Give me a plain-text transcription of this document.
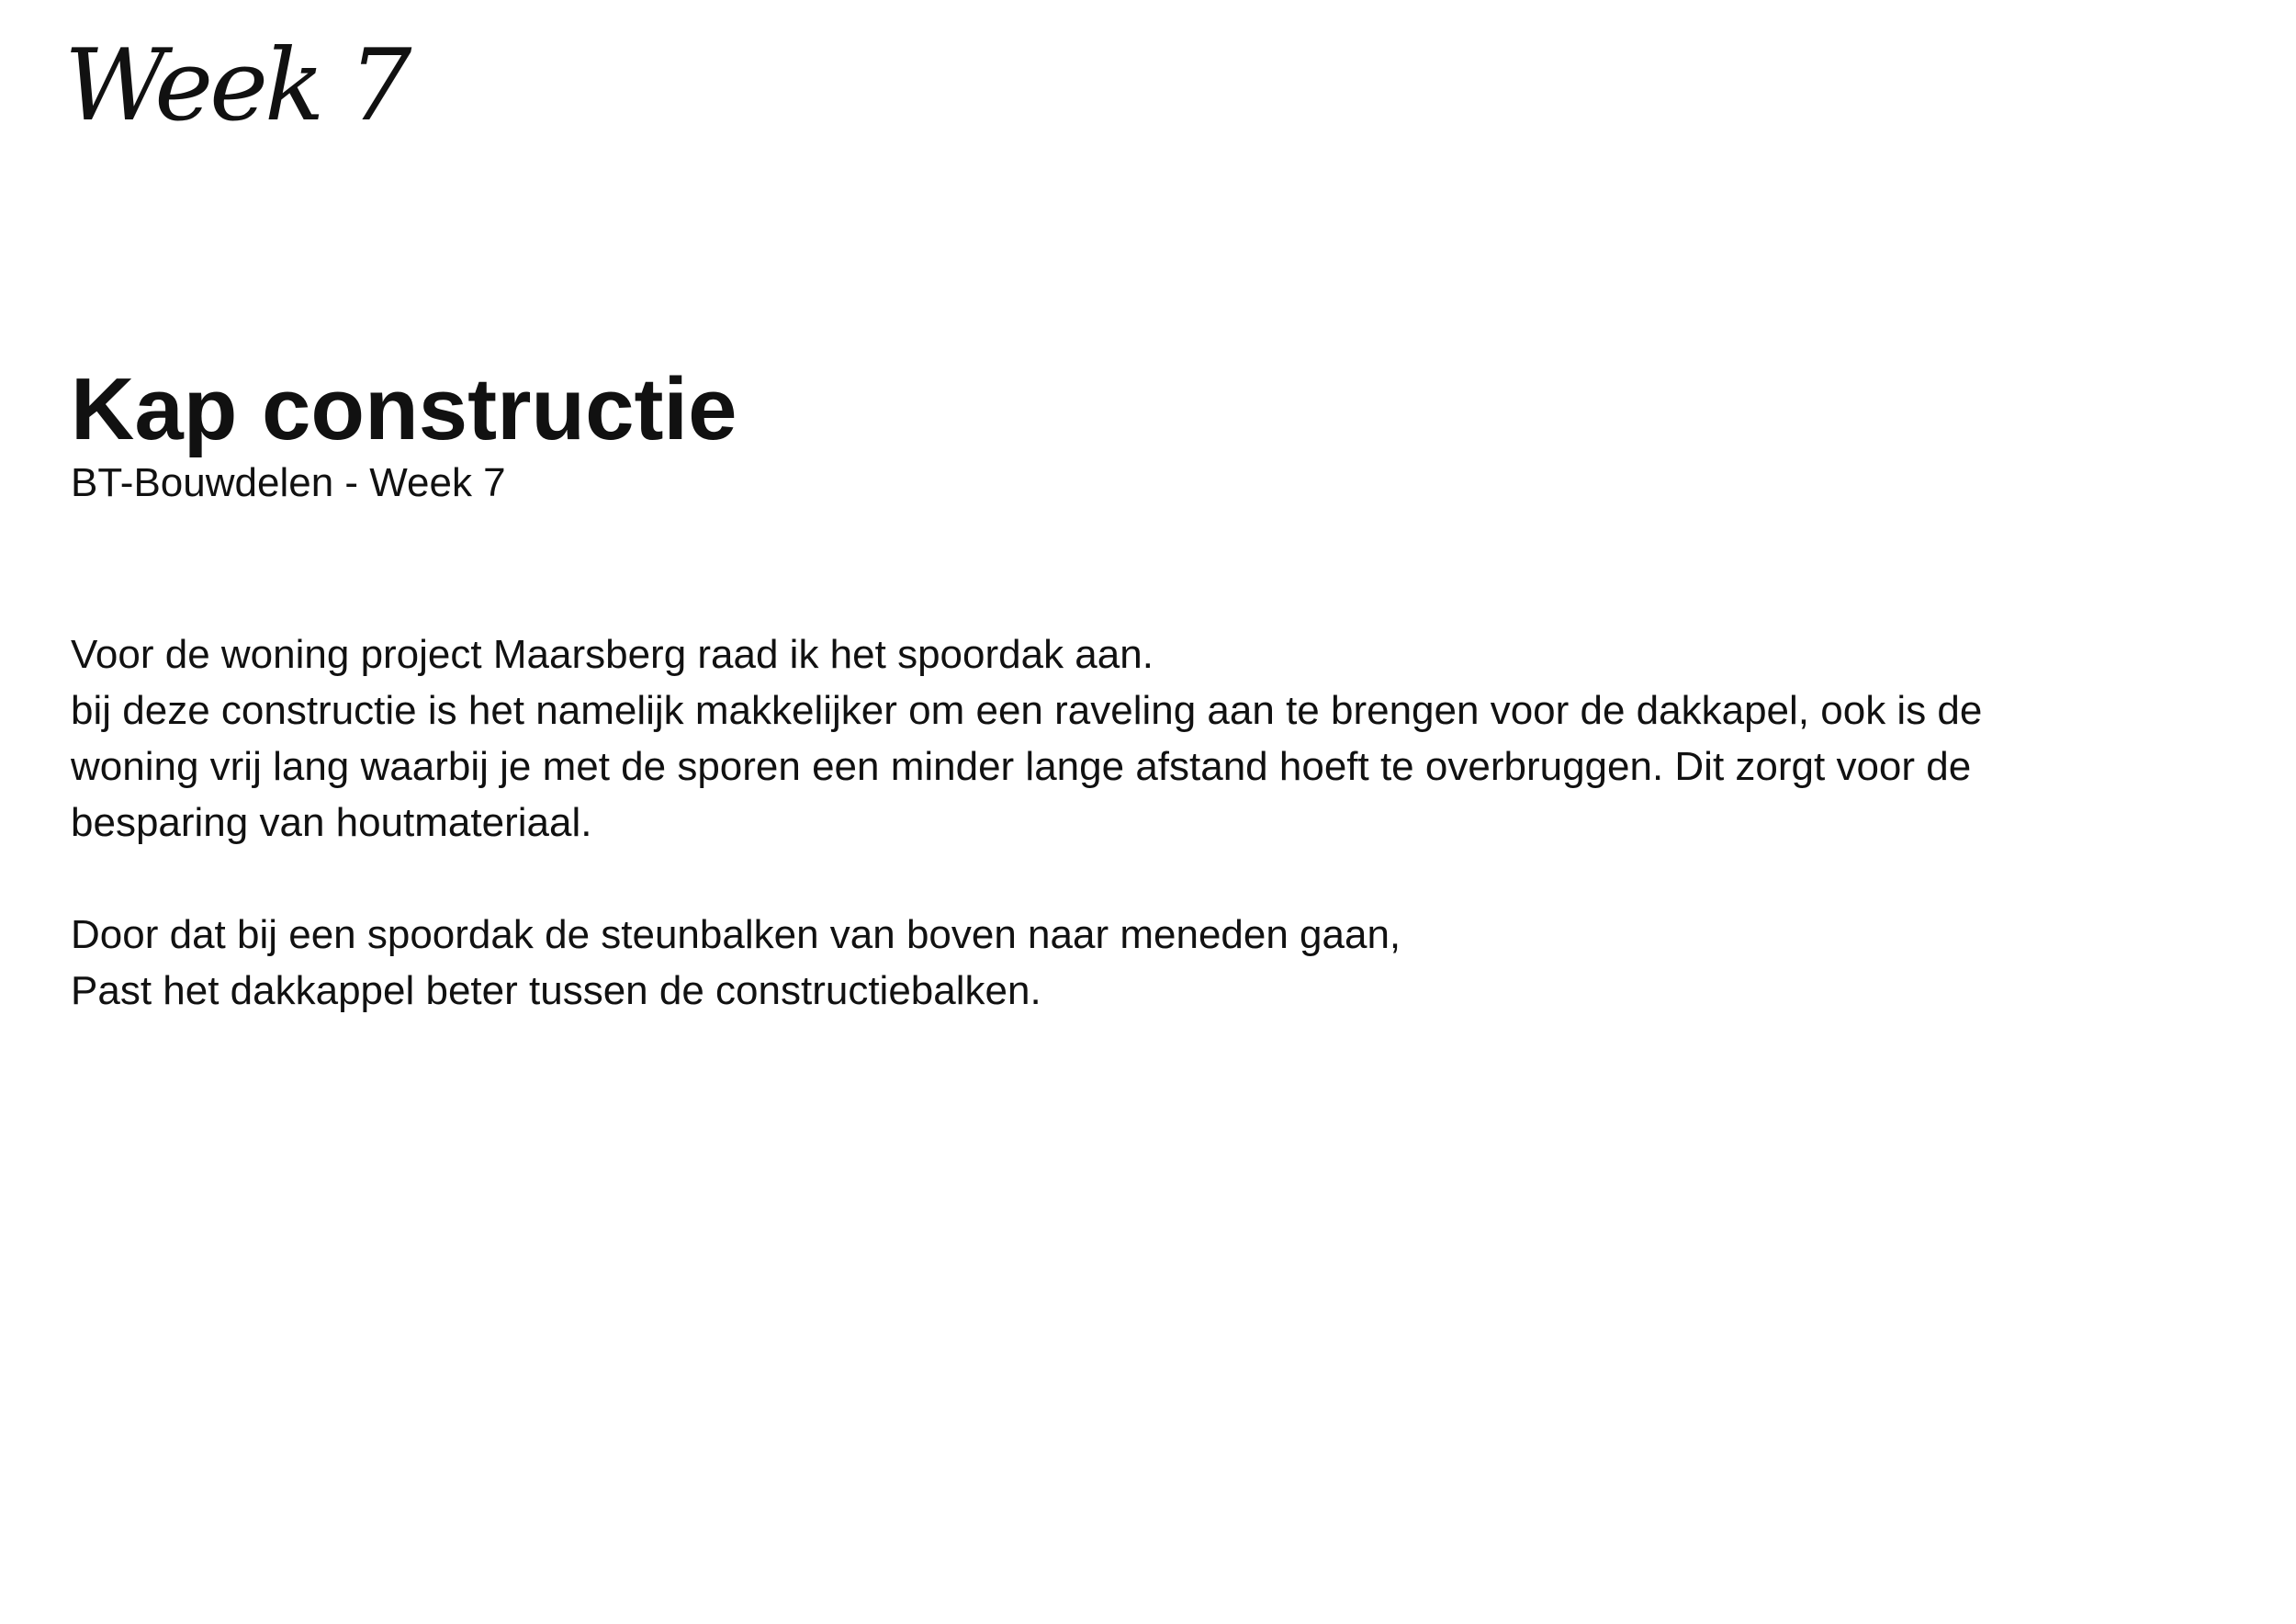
Week 7
Kap constructie
BT-Bouwdelen - Week 7

Voor de woning project Maarsberg raad ik het spoordak aan.
bij deze constructie is het namelijk makkelijker om een raveling aan te brengen voor de dakkapel, ook is de
woning vrij lang waarbij je met de sporen een minder lange afstand hoeft te overbruggen. Dit zorgt voor de
besparing van houtmateriaal.

Door dat bij een spoordak de steunbalken van boven naar meneden gaan,
Past het dakkappel beter tussen de constructiebalken.
